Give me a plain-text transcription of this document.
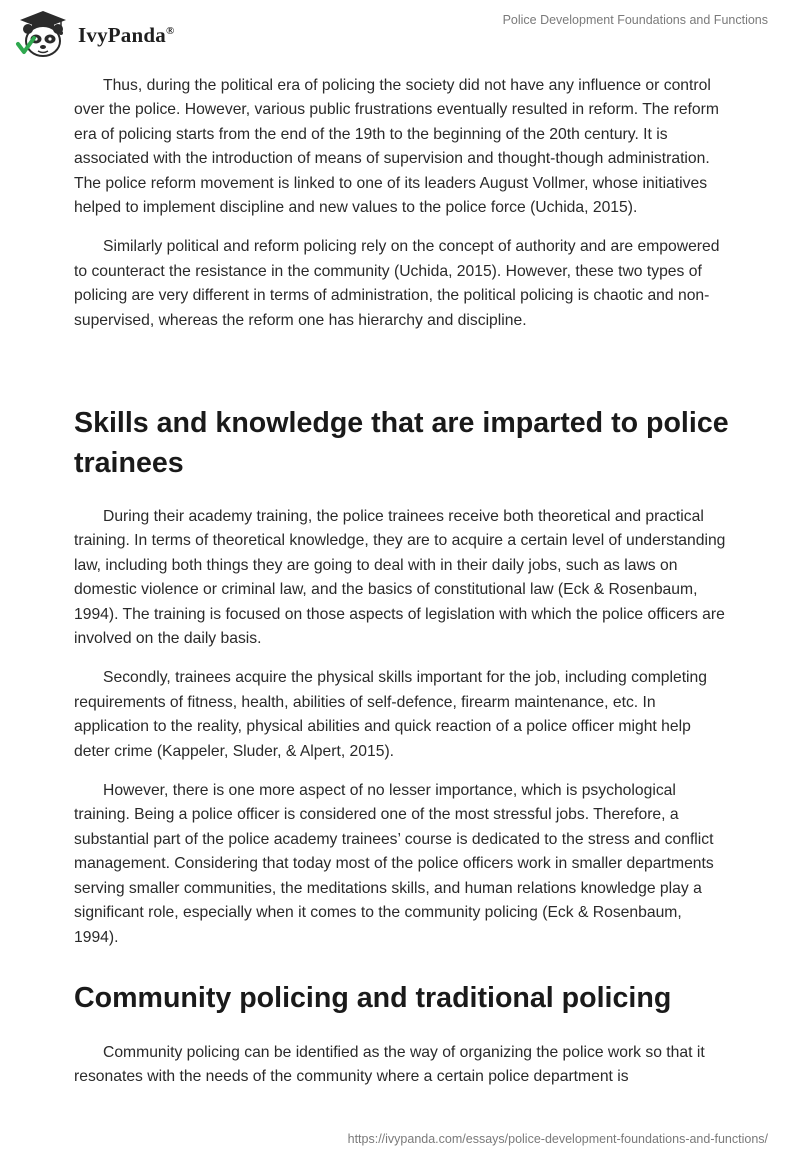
IvyPanda®
Police Development Foundations and Functions

Thus, during the political era of policing the society did not have any influence or control over the police. However, various public frustrations eventually resulted in reform. The reform era of policing starts from the end of the 19th to the beginning of the 20th century. It is associated with the introduction of means of supervision and thought-though administration. The police reform movement is linked to one of its leaders August Vollmer, whose initiatives helped to implement discipline and new values to the police force (Uchida, 2015).

Similarly political and reform policing rely on the concept of authority and are empowered to counteract the resistance in the community (Uchida, 2015). However, these two types of policing are very different in terms of administration, the political policing is chaotic and non-supervised, whereas the reform one has hierarchy and discipline.

Skills and knowledge that are imparted to police trainees

During their academy training, the police trainees receive both theoretical and practical training. In terms of theoretical knowledge, they are to acquire a certain level of understanding law, including both things they are going to deal with in their daily jobs, such as laws on domestic violence or criminal law, and the basics of constitutional law (Eck & Rosenbaum, 1994). The training is focused on those aspects of legislation with which the police officers are involved on the daily basis.

Secondly, trainees acquire the physical skills important for the job, including completing requirements of fitness, health, abilities of self-defence, firearm maintenance, etc. In application to the reality, physical abilities and quick reaction of a police officer might help deter crime (Kappeler, Sluder, & Alpert, 2015).

However, there is one more aspect of no lesser importance, which is psychological training. Being a police officer is considered one of the most stressful jobs. Therefore, a substantial part of the police academy trainees’ course is dedicated to the stress and conflict management. Considering that today most of the police officers work in smaller departments serving smaller communities, the meditations skills, and human relations knowledge play a significant role, especially when it comes to the community policing (Eck & Rosenbaum, 1994).

Community policing and traditional policing

Community policing can be identified as the way of organizing the police work so that it resonates with the needs of the community where a certain police department is

https://ivypanda.com/essays/police-development-foundations-and-functions/
